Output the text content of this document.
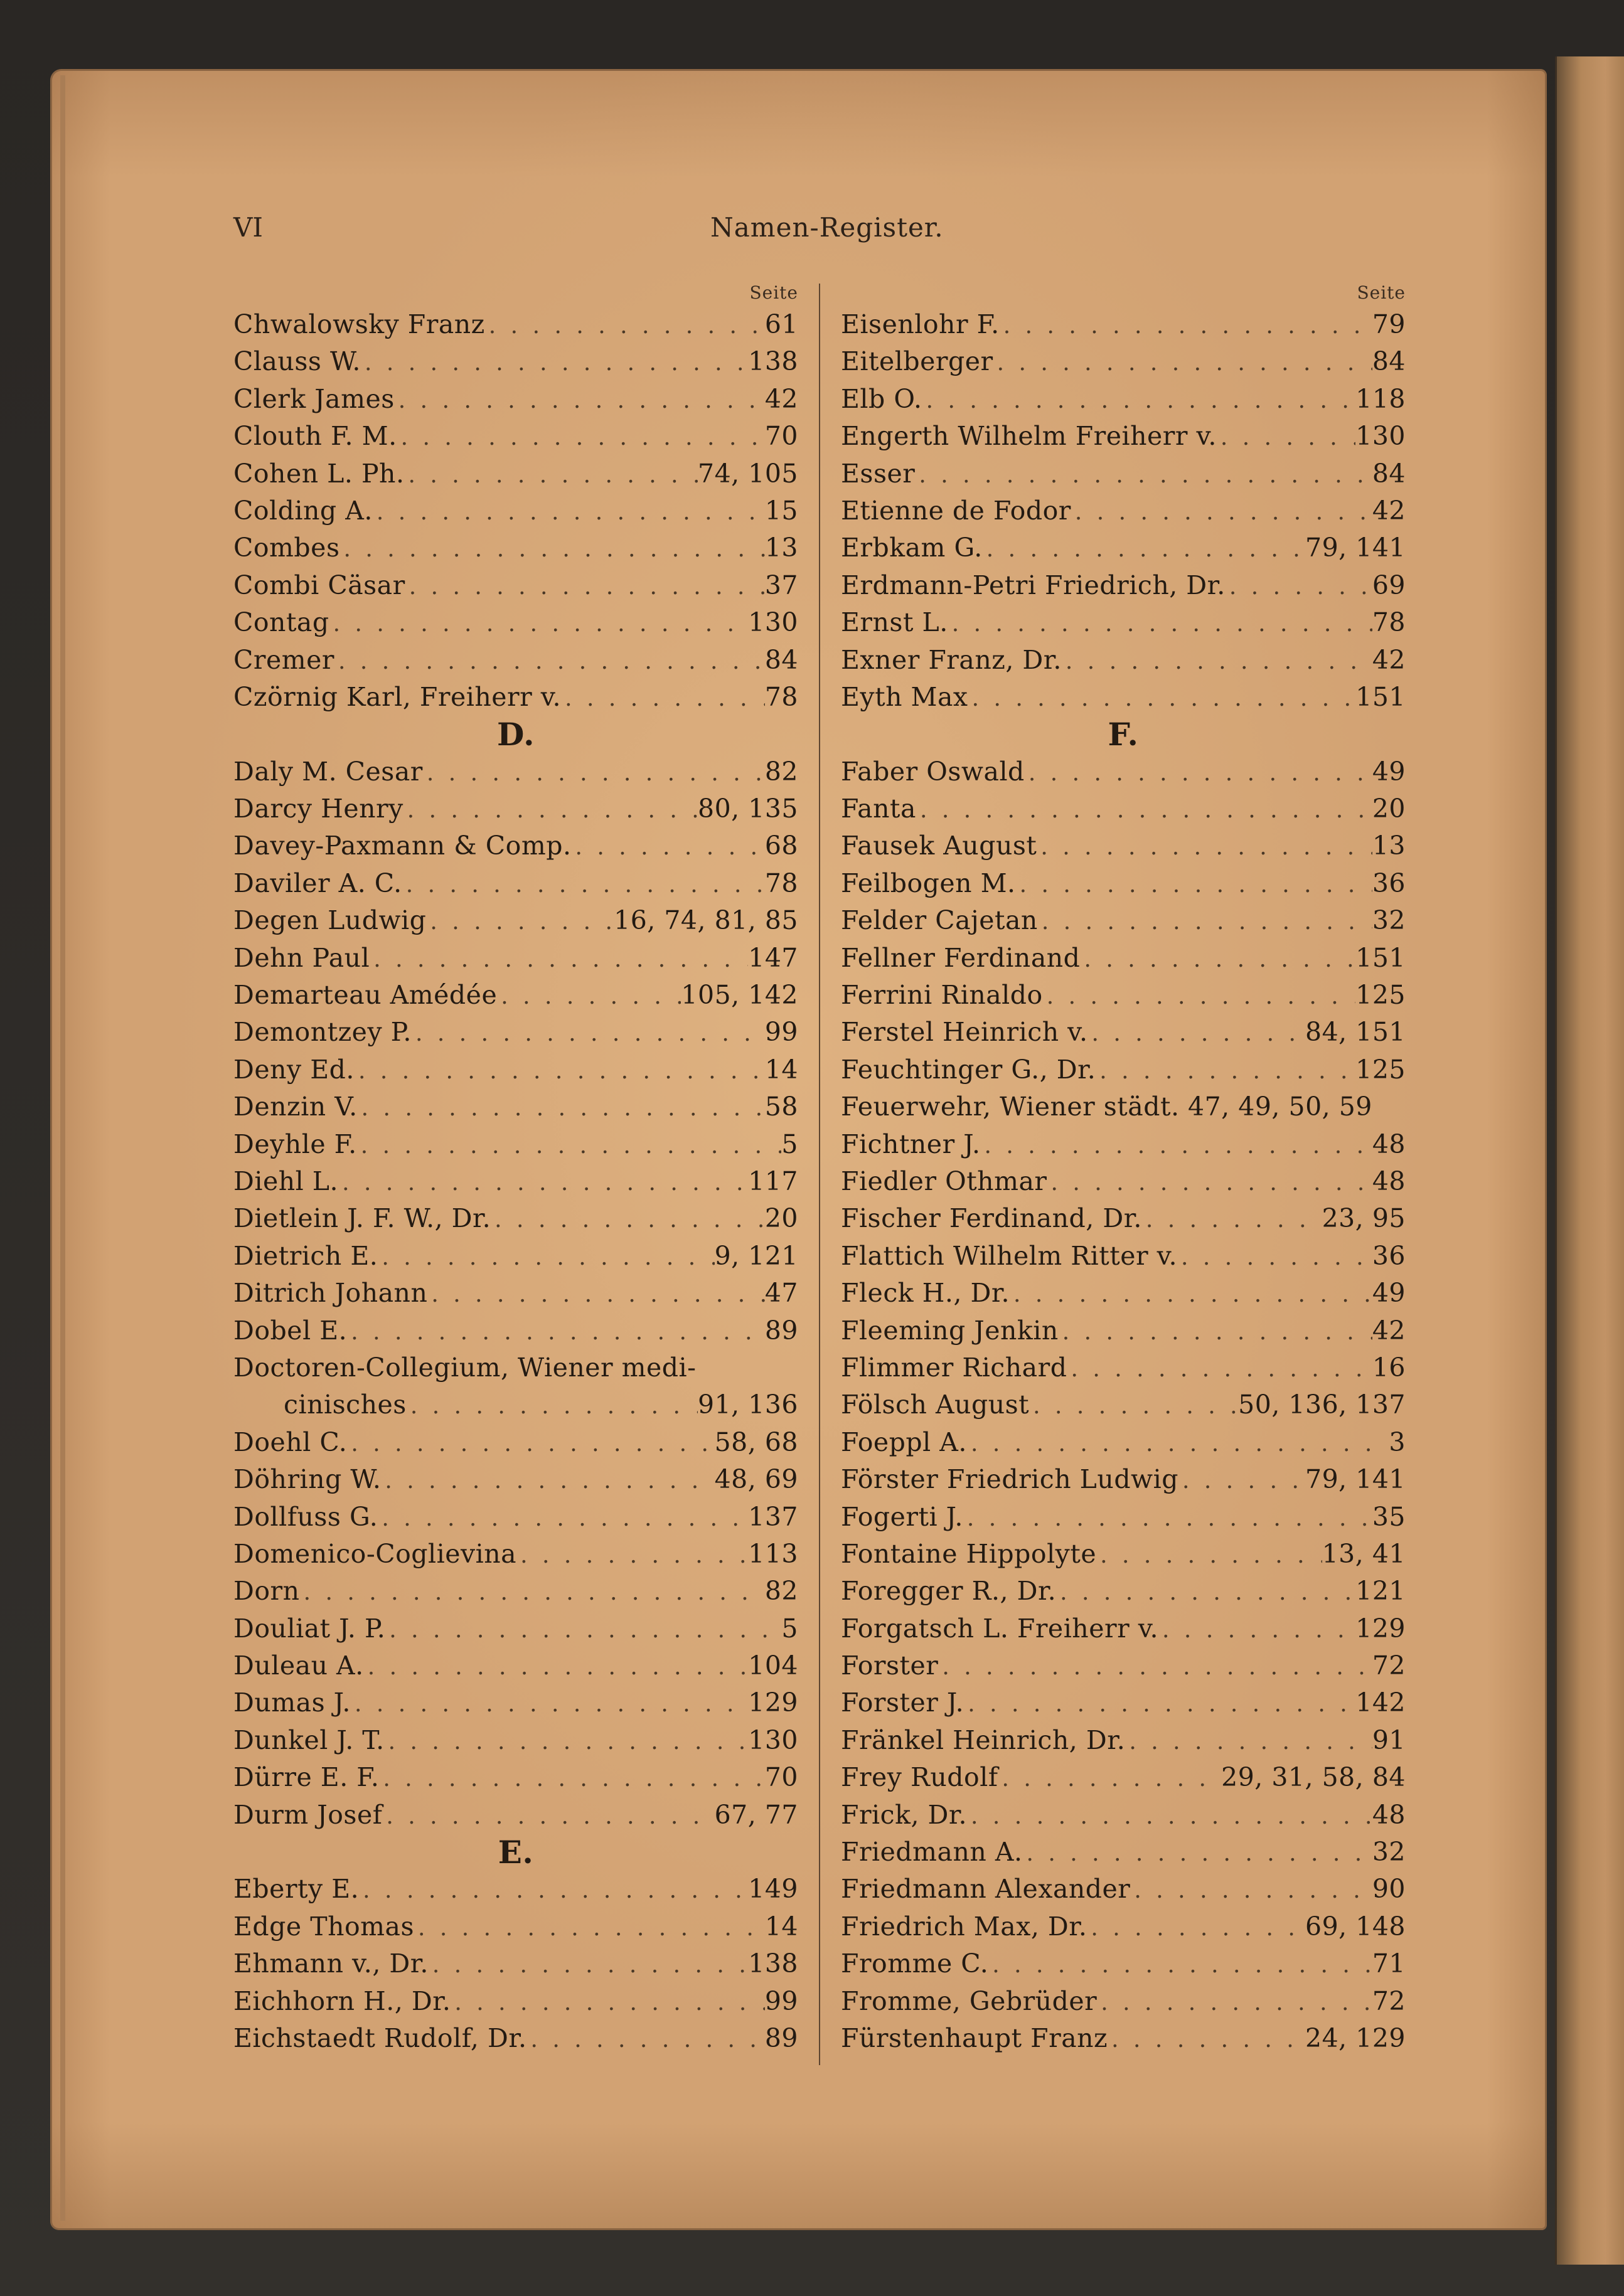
VI	Namen-Register.
Seite
Chwalowsky Franz . . .	61
Clauss W. . . .	138
Clerk James . . .	42
Clouth F. M. . . .	70
Cohen L. Ph. . . .	74, 105
Colding A. . . .	15
Combes . . .	13
Combi Cäsar . . .	37
Contag . . .	130
Cremer . . .	84
Czörnig Karl, Freiherr v. . . .	78
D.
Daly M. Cesar . . .	82
Darcy Henry . . .	80, 135
Davey-Paxmann & Comp. . . .	68
Daviler A. C. . . .	78
Degen Ludwig . . .	16, 74, 81, 85
Dehn Paul . . .	147
Demarteau Amédée . . .	105, 142
Demontzey P. . . .	99
Deny Ed. . . .	14
Denzin V. . . .	58
Deyhle F. . . .	5
Diehl L. . . .	117
Dietlein J. F. W., Dr. . . .	20
Dietrich E. . . .	9, 121
Ditrich Johann . . .	47
Dobel E. . . .	89
Doctoren-Collegium, Wiener medi-
cinisches . . .	91, 136
Doehl C. . . .	58, 68
Döhring W. . . .	48, 69
Dollfuss G. . . .	137
Domenico-Coglievina . . .	113
Dorn . . .	82
Douliat J. P. . . .	5
Duleau A. . . .	104
Dumas J. . . .	129
Dunkel J. T. . . .	130
Dürre E. F. . . .	70
Durm Josef . . .	67, 77
E.
Eberty E. . . .	149
Edge Thomas . . .	14
Ehmann v., Dr. . . .	138
Eichhorn H., Dr. . . .	99
Eichstaedt Rudolf, Dr. . . .	89
Seite
Eisenlohr F. . . .	79
Eitelberger . . .	84
Elb O. . . .	118
Engerth Wilhelm Freiherr v. . . .	130
Esser . . .	84
Etienne de Fodor . . .	42
Erbkam G. . . .	79, 141
Erdmann-Petri Friedrich, Dr. . . .	69
Ernst L. . . .	78
Exner Franz, Dr. . . .	42
Eyth Max . . .	151
F.
Faber Oswald . . .	49
Fanta . . .	20
Fausek August . . .	13
Feilbogen M. . . .	36
Felder Cajetan . . .	32
Fellner Ferdinand . . .	151
Ferrini Rinaldo . . .	125
Ferstel Heinrich v. . . .	84, 151
Feuchtinger G., Dr. . . .	125
Feuerwehr, Wiener städt. 47, 49, 50, 59
Fichtner J. . . .	48
Fiedler Othmar . . .	48
Fischer Ferdinand, Dr. . . .	23, 95
Flattich Wilhelm Ritter v. . . .	36
Fleck H., Dr. . . .	49
Fleeming Jenkin . . .	42
Flimmer Richard . . .	16
Fölsch August . . .	50, 136, 137
Foeppl A. . . .	3
Förster Friedrich Ludwig . . .	79, 141
Fogerti J. . . .	35
Fontaine Hippolyte . . .	13, 41
Foregger R., Dr. . . .	121
Forgatsch L. Freiherr v. . . .	129
Forster . . .	72
Forster J. . . .	142
Fränkel Heinrich, Dr. . . .	91
Frey Rudolf . . .	29, 31, 58, 84
Frick, Dr. . . .	48
Friedmann A. . . .	32
Friedmann Alexander . . .	90
Friedrich Max, Dr. . . .	69, 148
Fromme C. . . .	71
Fromme, Gebrüder . . .	72
Fürstenhaupt Franz . . .	24, 129
